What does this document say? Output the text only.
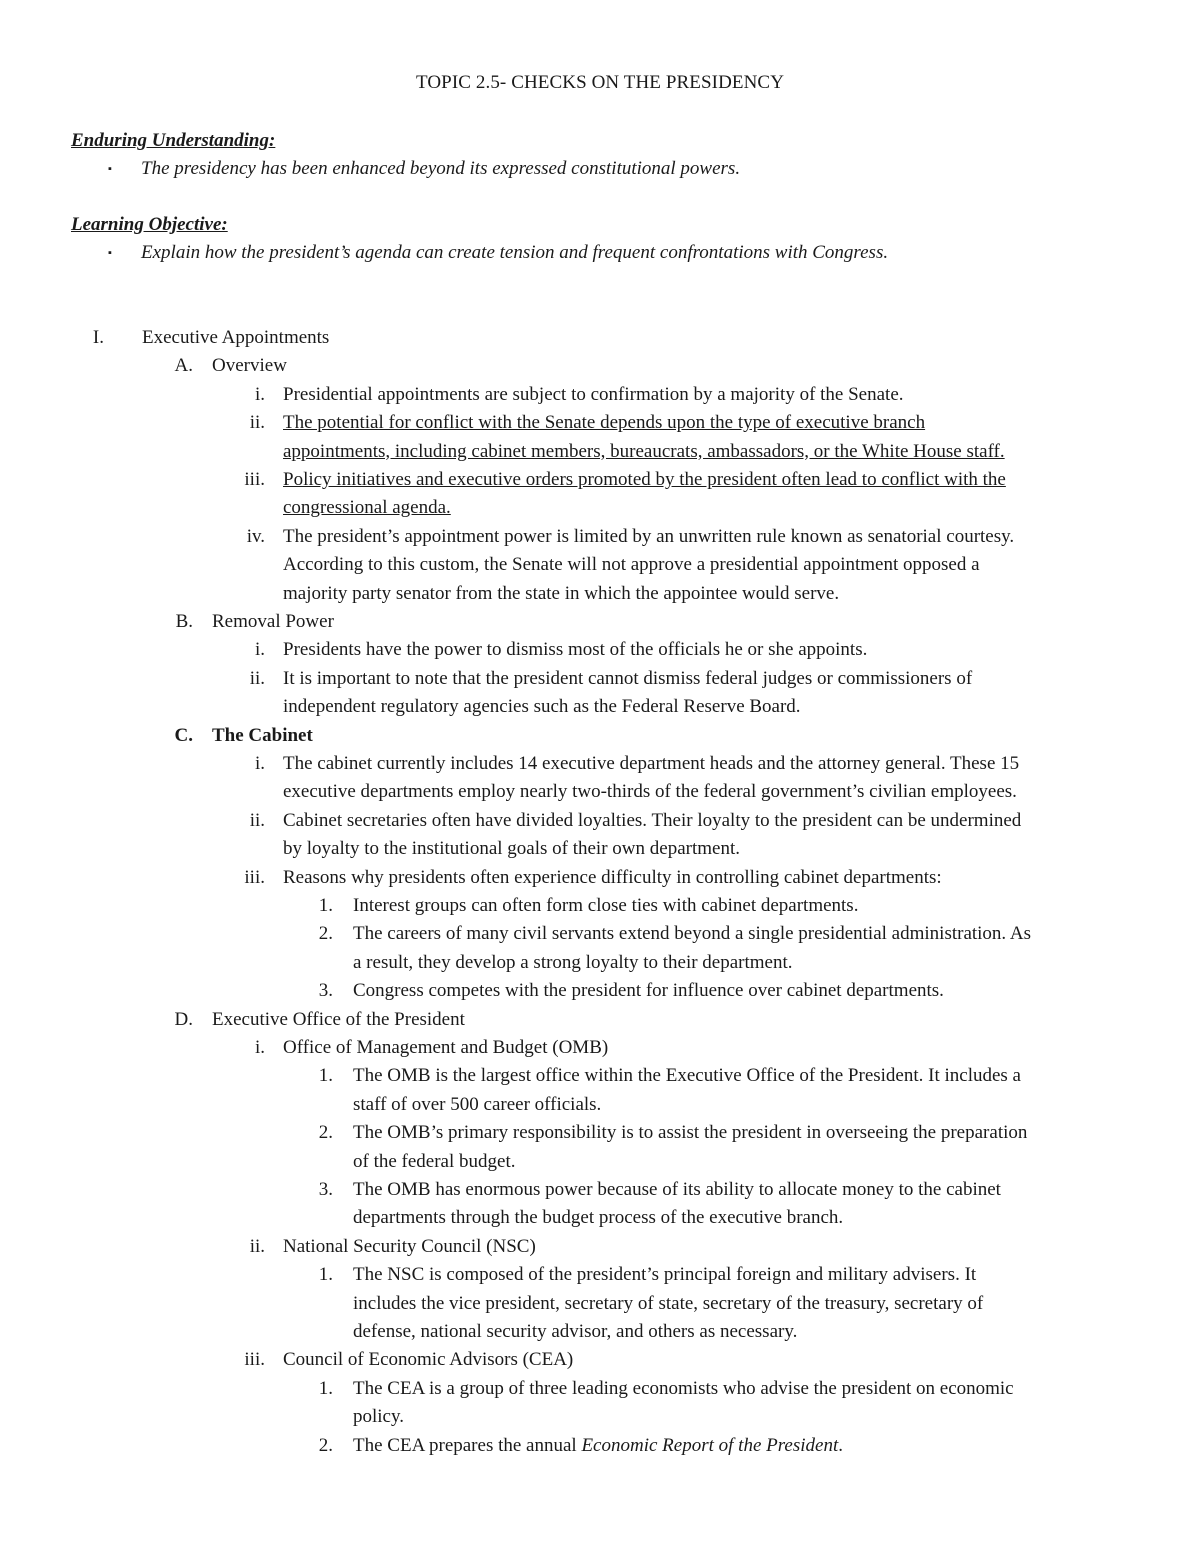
TOPIC 2.5- CHECKS ON THE PRESIDENCY
Enduring Understanding:
▪ The presidency has been enhanced beyond its expressed constitutional powers.
Learning Objective:
▪ Explain how the president’s agenda can create tension and frequent confrontations with Congress.
I. Executive Appointments
A. Overview
i. Presidential appointments are subject to confirmation by a majority of the Senate.
ii. The potential for conflict with the Senate depends upon the type of executive branch
appointments, including cabinet members, bureaucrats, ambassadors, or the White House staff.
iii. Policy initiatives and executive orders promoted by the president often lead to conflict with the
congressional agenda.
iv. The president’s appointment power is limited by an unwritten rule known as senatorial courtesy.
According to this custom, the Senate will not approve a presidential appointment opposed a
majority party senator from the state in which the appointee would serve.
B. Removal Power
i. Presidents have the power to dismiss most of the officials he or she appoints.
ii. It is important to note that the president cannot dismiss federal judges or commissioners of
independent regulatory agencies such as the Federal Reserve Board.
C. The Cabinet
i. The cabinet currently includes 14 executive department heads and the attorney general. These 15
executive departments employ nearly two-thirds of the federal government’s civilian employees.
ii. Cabinet secretaries often have divided loyalties. Their loyalty to the president can be undermined
by loyalty to the institutional goals of their own department.
iii. Reasons why presidents often experience difficulty in controlling cabinet departments:
1. Interest groups can often form close ties with cabinet departments.
2. The careers of many civil servants extend beyond a single presidential administration. As
a result, they develop a strong loyalty to their department.
3. Congress competes with the president for influence over cabinet departments.
D. Executive Office of the President
i. Office of Management and Budget (OMB)
1. The OMB is the largest office within the Executive Office of the President. It includes a
staff of over 500 career officials.
2. The OMB’s primary responsibility is to assist the president in overseeing the preparation
of the federal budget.
3. The OMB has enormous power because of its ability to allocate money to the cabinet
departments through the budget process of the executive branch.
ii. National Security Council (NSC)
1. The NSC is composed of the president’s principal foreign and military advisers. It
includes the vice president, secretary of state, secretary of the treasury, secretary of
defense, national security advisor, and others as necessary.
iii. Council of Economic Advisors (CEA)
1. The CEA is a group of three leading economists who advise the president on economic
policy.
2. The CEA prepares the annual Economic Report of the President.
